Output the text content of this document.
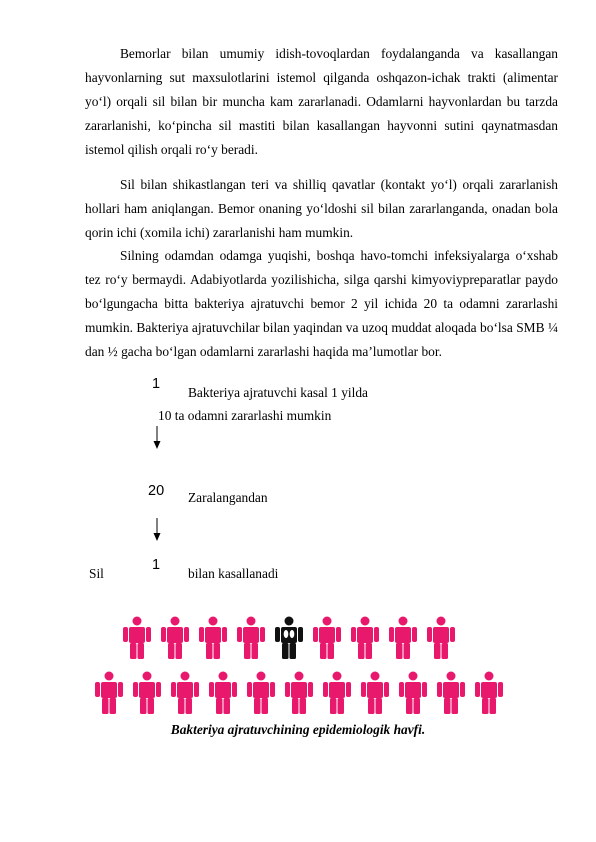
Bemorlar bilan umumiy idish-tovoqlardan foydalanganda va kasallangan hayvonlarning sut maxsulotlarini istemol qilganda oshqazon-ichak trakti (alimentar yo‘l) orqali sil bilan bir muncha kam zararlanadi. Odamlarni hayvonlardan bu tarzda zararlanishi, ko‘pincha sil mastiti bilan kasallangan hayvonni sutini qaynatmasdan istemol qilish orqali ro‘y beradi.

Sil bilan shikastlangan teri va shilliq qavatlar (kontakt yo‘l) orqali zararlanish hollari ham aniqlangan. Bemor onaning yo‘ldoshi sil bilan zararlanganda, onadan bola qorin ichi (xomila ichi) zararlanishi ham mumkin.

Silning odamdan odamga yuqishi, boshqa havo-tomchi infeksiyalarga o‘xshab tez ro‘y bermaydi. Adabiyotlarda yozilishicha, silga qarshi kimyoviypreparatlar paydo bo‘lgungacha bitta bakteriya ajratuvchi bemor 2 yil ichida 20 ta odamni zararlashi mumkin. Bakteriya ajratuvchilar bilan yaqindan va uzoq muddat aloqada bo‘lsa SMB ¼ dan ½ gacha bo‘lgan odamlarni zararlashi haqida ma’lumotlar bor.

1
Bakteriya ajratuvchi kasal 1 yilda
10 ta odamni zararlashi mumkin
20 Zaralangandan
Sil
1
bilan kasallanadi
Bakteriya ajratuvchining epidemiologik havfi.
